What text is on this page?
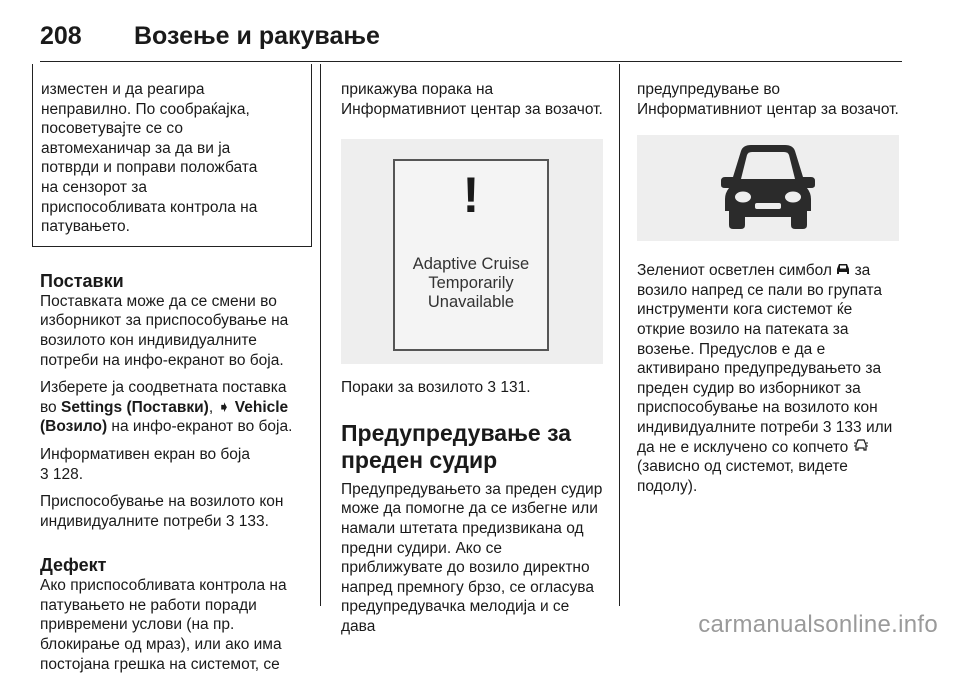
208 Возење и ракување
изместен и да реагира
неправилно. По сообраќајка,
посоветувајте се со
автомеханичар за да ви ја
потврди и поправи положбата
на сензорот за
приспособливата контрола на
патувањето.
Поставки

Поставката може да се смени во изборникот за приспособување на возилото кон индивидуалните потреби на инфо-екранот во боја.

Изберете ја соодветната поставка во Settings (Поставки), ➧ Vehicle (Возило) на инфо-екранот во боја.

Информативен екран во боја
3 128.

Приспособување на возилото кон индивидуалните потреби 3 133.

Дефект

Ако приспособливата контрола на патувањето не работи поради привремени услови (на пр. блокирање од мраз), или ако има постојана грешка на системот, се

прикажува порака на Информативниот центар за возачот.

!
Adaptive Cruise
Temporarily
Unavailable

Пораки за возилото 3 131.

Предупредување за
преден судир

Предупредувањето за преден судир може да помогне да се избегне или намали штетата предизвикана од предни судири. Ако се приближувате до возило директно напред премногу брзо, се огласува предупредувачка мелодија и се дава

предупредување во Информативниот центар за возачот.

Зелениот осветлен симбол  за возило напред се пали во групата инструменти кога системот ќе открие возило на патеката за возење. Предуслов е да е активирано предупредувањето за преден судир во изборникот за приспособување на возилото кон индивидуалните потреби 3 133 или да не е исклучено со копчето  (зависно од системот, видете подолу).

carmanualsonline.info
